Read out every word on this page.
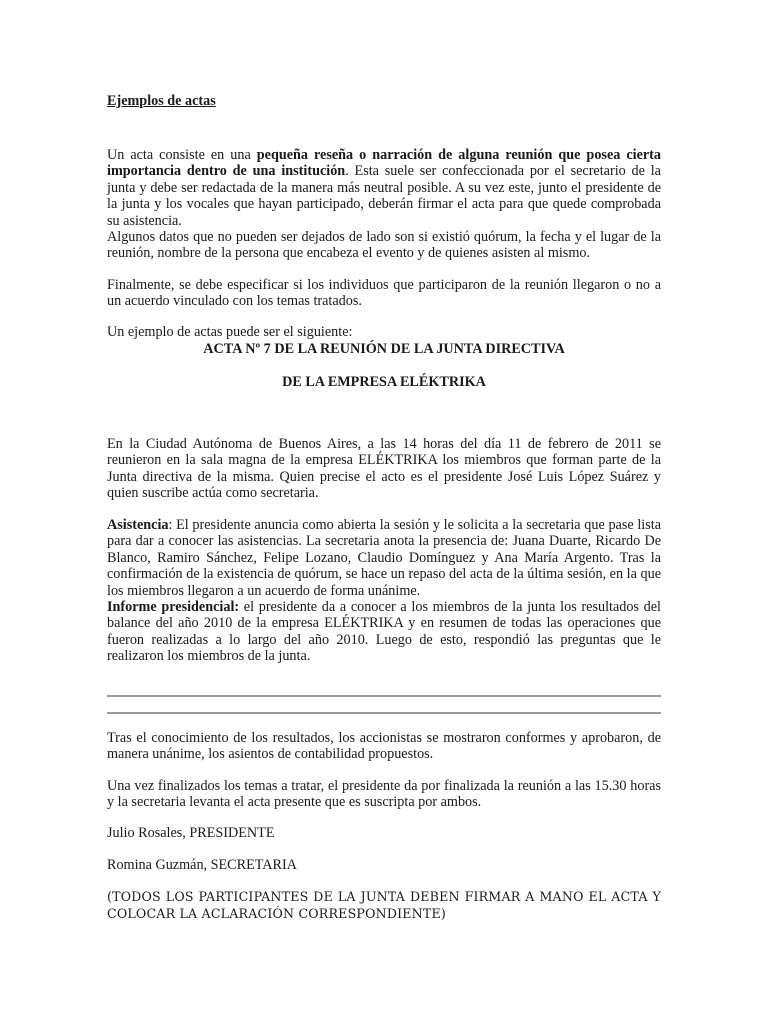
Ejemplos de actas
Un acta consiste en una pequeña reseña o narración de alguna reunión que posea cierta importancia dentro de una institución. Esta suele ser confeccionada por el secretario de la junta y debe ser redactada de la manera más neutral posible. A su vez este, junto el presidente de la junta y los vocales que hayan participado, deberán firmar el acta para que quede comprobada su asistencia.
Algunos datos que no pueden ser dejados de lado son si existió quórum, la fecha y el lugar de la reunión, nombre de la persona que encabeza el evento y de quienes asisten al mismo.
Finalmente, se debe especificar si los individuos que participaron de la reunión llegaron o no a un acuerdo vinculado con los temas tratados.
Un ejemplo de actas puede ser el siguiente:
ACTA Nº 7 DE LA REUNIÓN DE LA JUNTA DIRECTIVA
DE LA EMPRESA ELÉKTRIKA
En la Ciudad Autónoma de Buenos Aires, a las 14 horas del día 11 de febrero de 2011 se reunieron en la sala magna de la empresa ELÉKTRIKA los miembros que forman parte de la Junta directiva de la misma. Quien precise el acto es el presidente José Luis López Suárez y quien suscribe actúa como secretaria.
Asistencia: El presidente anuncia como abierta la sesión y le solicita a la secretaria que pase lista para dar a conocer las asistencias. La secretaria anota la presencia de: Juana Duarte, Ricardo De Blanco, Ramiro Sánchez, Felipe Lozano, Claudio Domínguez y Ana María Argento. Tras la confirmación de la existencia de quórum, se hace un repaso del acta de la última sesión, en la que los miembros llegaron a un acuerdo de forma unánime.
Informe presidencial: el presidente da a conocer a los miembros de la junta los resultados del balance del año 2010 de la empresa ELÉKTRIKA y en resumen de todas las operaciones que fueron realizadas a lo largo del año 2010. Luego de esto, respondió las preguntas que le realizaron los miembros de la junta.
Tras el conocimiento de los resultados, los accionistas se mostraron conformes y aprobaron, de manera unánime, los asientos de contabilidad propuestos.
Una vez finalizados los temas a tratar, el presidente da por finalizada la reunión a las 15.30 horas y la secretaria levanta el acta presente que es suscripta por ambos.
Julio Rosales, PRESIDENTE
Romina Guzmán, SECRETARIA
(TODOS LOS PARTICIPANTES DE LA JUNTA DEBEN FIRMAR A MANO EL ACTA Y COLOCAR LA ACLARACIÓN CORRESPONDIENTE)
